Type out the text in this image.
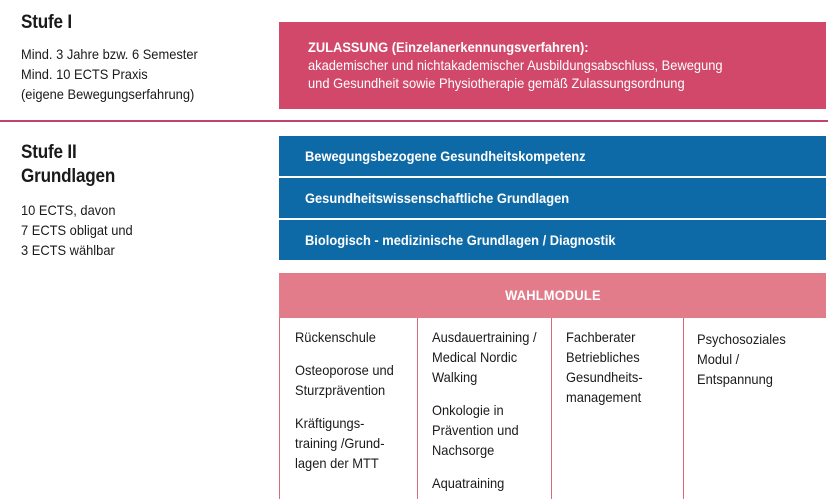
Stufe I
Mind. 3 Jahre bzw. 6 Semester
Mind. 10 ECTS Praxis
(eigene Bewegungserfahrung)
ZULASSUNG (Einzelanerkennungsverfahren):
akademischer und nichtakademischer Ausbildungsabschluss, Bewegung
und Gesundheit sowie Physiotherapie gemäß Zulassungsordnung
Stufe II
Grundlagen
10 ECTS, davon
7 ECTS obligat und
3 ECTS wählbar
Bewegungsbezogene Gesundheitskompetenz
Gesundheitswissenschaftliche Grundlagen
Biologisch - medizinische Grundlagen / Diagnostik
WAHLMODULE
Rückenschule
Osteoporose und
Sturzprävention
Kräftigungs-
training /Grund-
lagen der MTT
Ausdauertraining /
Medical Nordic
Walking
Onkologie in
Prävention und
Nachsorge
Aquatraining
Fachberater
Betriebliches
Gesundheits-
management
Psychosoziales
Modul /
Entspannung
